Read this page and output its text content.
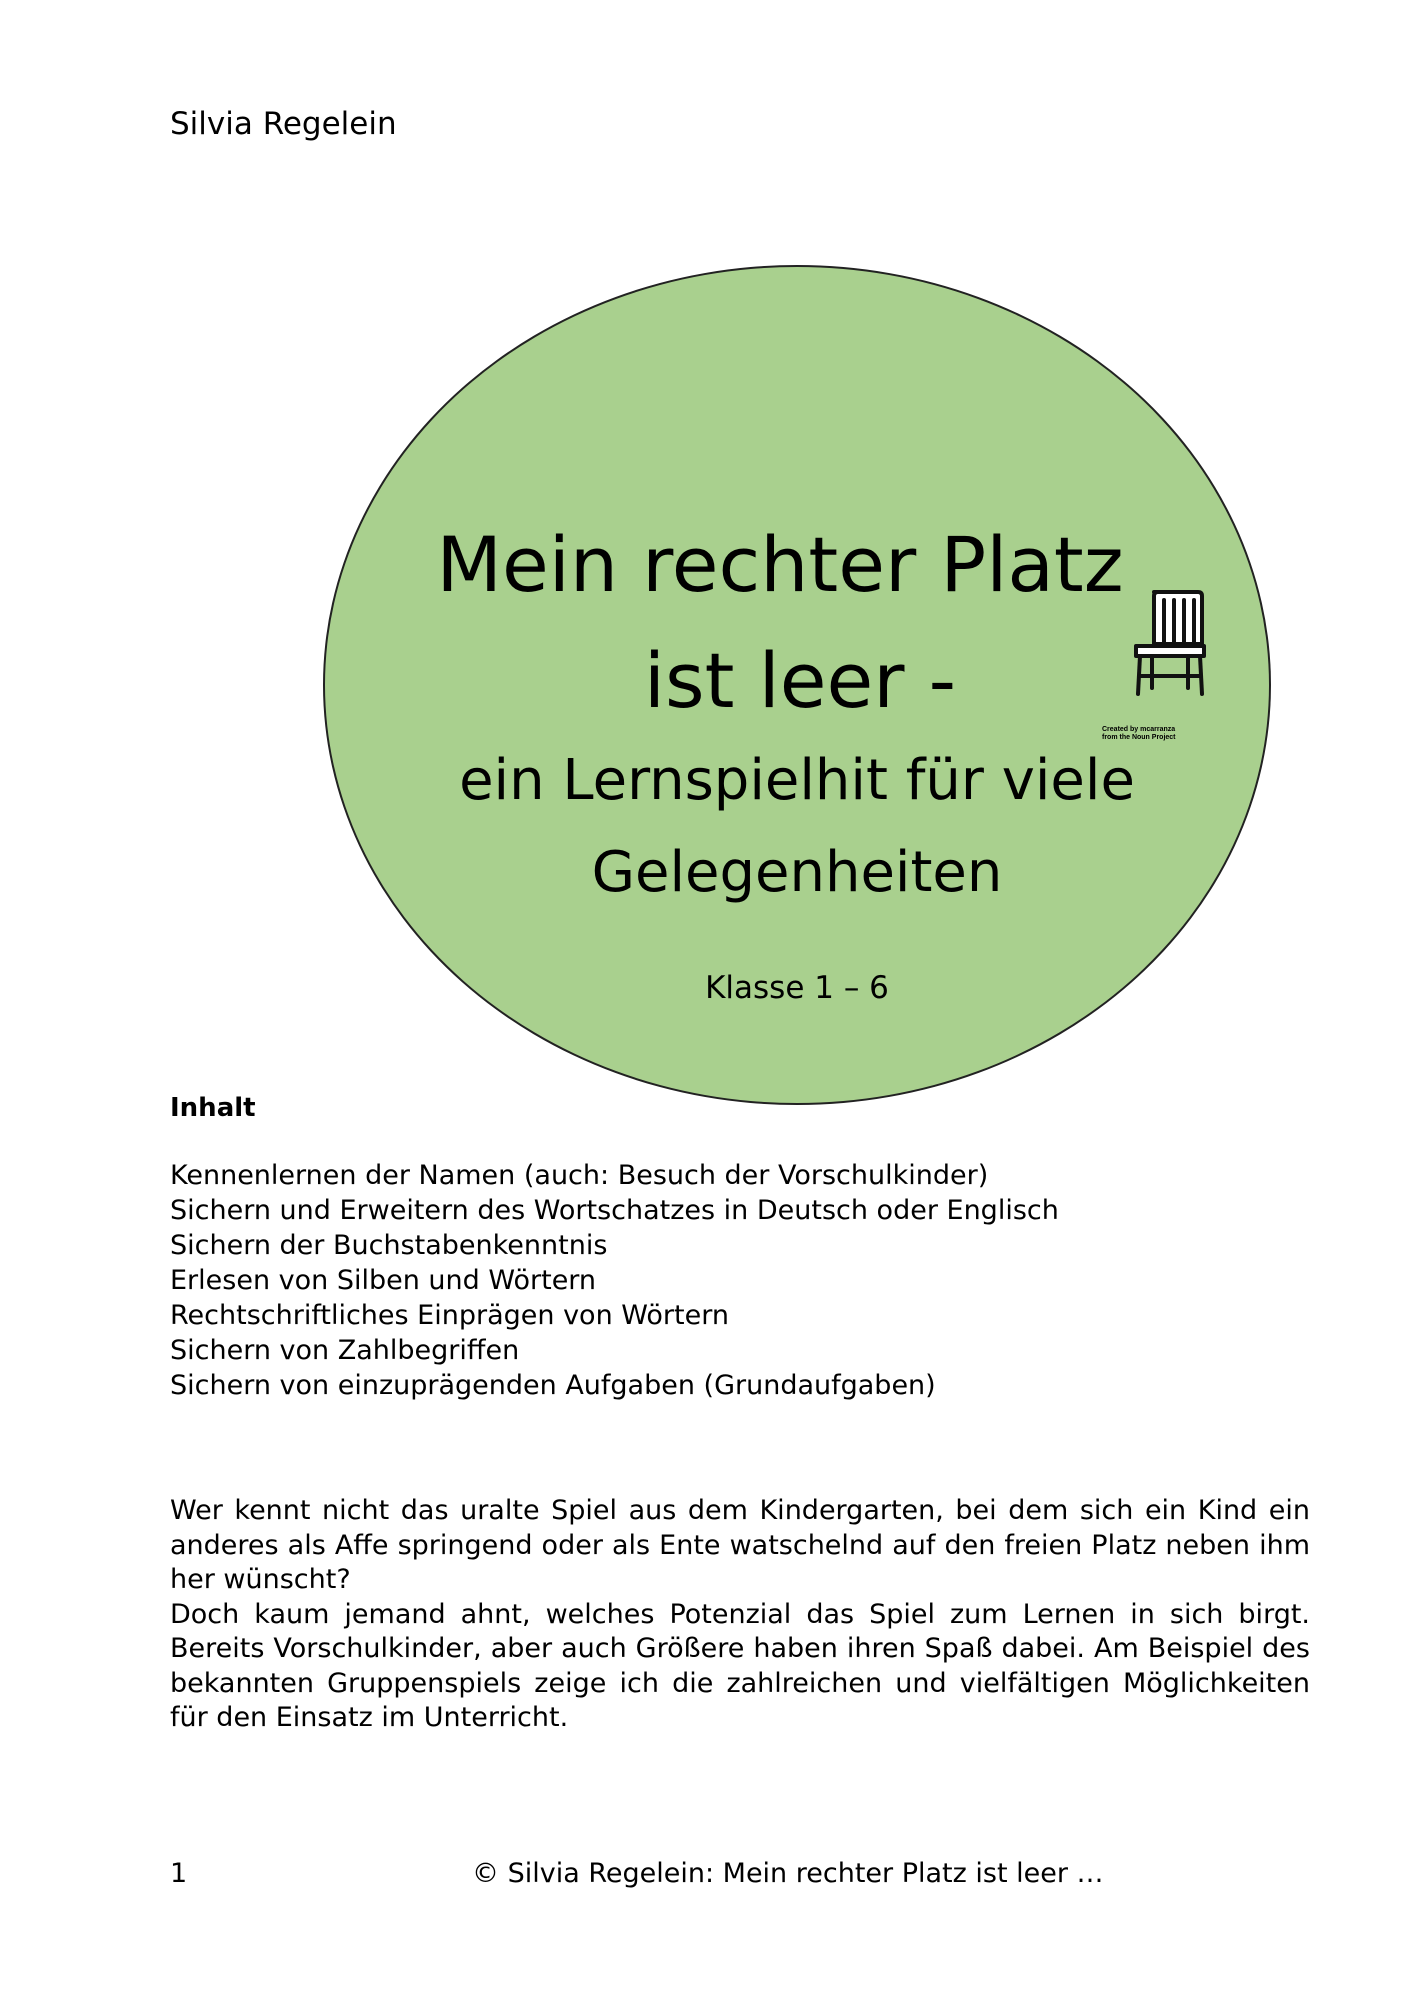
Silvia Regelein
Mein rechter Platz
ist leer -
ein Lernspielhit für viele
Gelegenheiten
Klasse 1 – 6
Created by mcarranza
from the Noun Project
Inhalt
Kennenlernen der Namen (auch: Besuch der Vorschulkinder)
Sichern und Erweitern des Wortschatzes in Deutsch oder Englisch
Sichern der Buchstabenkenntnis
Erlesen von Silben und Wörtern
Rechtschriftliches Einprägen von Wörtern
Sichern von Zahlbegriffen
Sichern von einzuprägenden Aufgaben (Grundaufgaben)

Wer kennt nicht das uralte Spiel aus dem Kindergarten, bei dem sich ein Kind ein anderes als Affe springend oder als Ente watschelnd auf den freien Platz neben ihm her wünscht?

Doch kaum jemand ahnt, welches Potenzial das Spiel zum Lernen in sich birgt. Bereits Vorschulkinder, aber auch Größere haben ihren Spaß dabei. Am Beispiel des bekannten Gruppenspiels zeige ich die zahlreichen und vielfältigen Möglichkeiten für den Einsatz im Unterricht.

1	© Silvia Regelein: Mein rechter Platz ist leer …
